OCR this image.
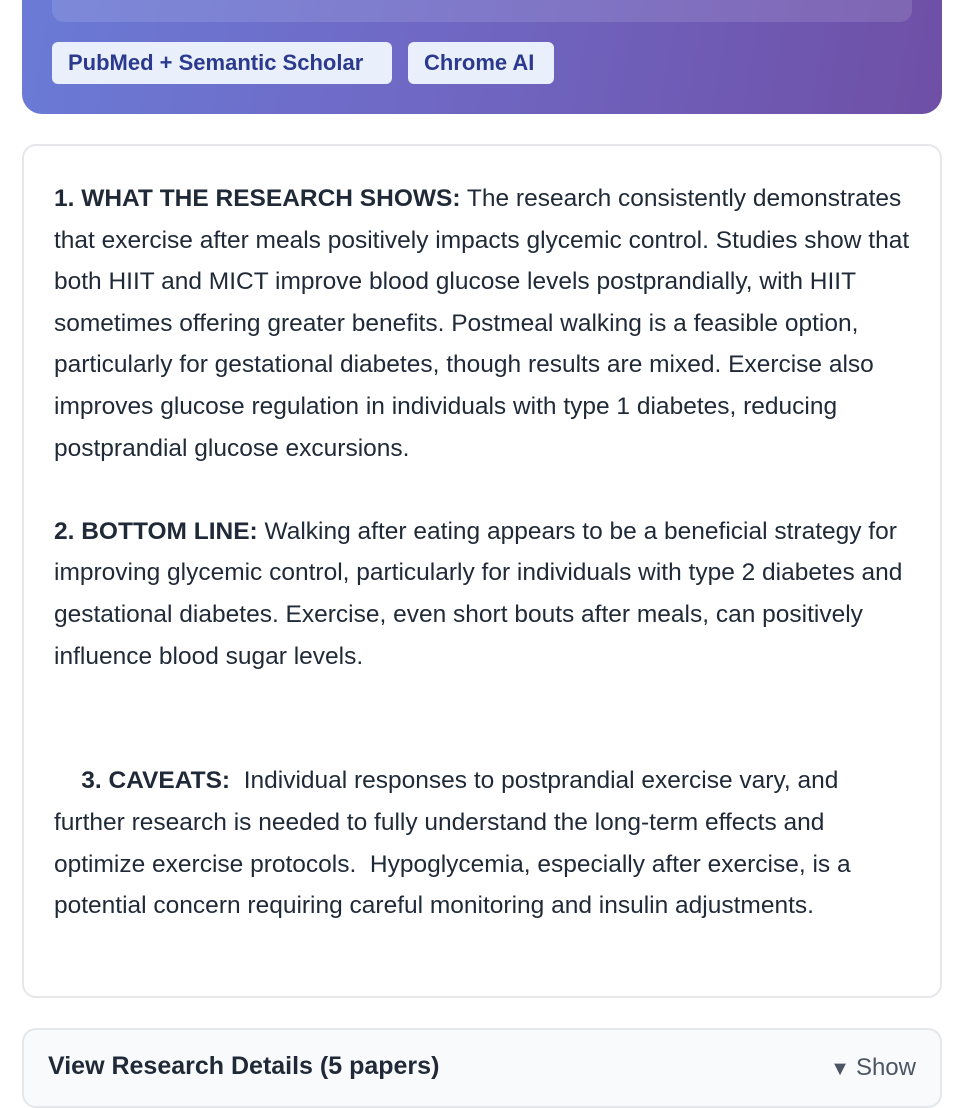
PubMed + Semantic Scholar	Chrome AI

1. WHAT THE RESEARCH SHOWS: The research consistently demonstrates that exercise after meals positively impacts glycemic control. Studies show that both HIIT and MICT improve blood glucose levels postprandially, with HIIT sometimes offering greater benefits. Postmeal walking is a feasible option, particularly for gestational diabetes, though results are mixed. Exercise also improves glucose regulation in individuals with type 1 diabetes, reducing postprandial glucose excursions.

2. BOTTOM LINE: Walking after eating appears to be a beneficial strategy for improving glycemic control, particularly for individuals with type 2 diabetes and gestational diabetes. Exercise, even short bouts after meals, can positively influence blood sugar levels.

3. CAVEATS:  Individual responses to postprandial exercise vary, and further research is needed to fully understand the long-term effects and optimize exercise protocols.  Hypoglycemia, especially after exercise, is a potential concern requiring careful monitoring and insulin adjustments.

View Research Details (5 papers)	▼ Show
